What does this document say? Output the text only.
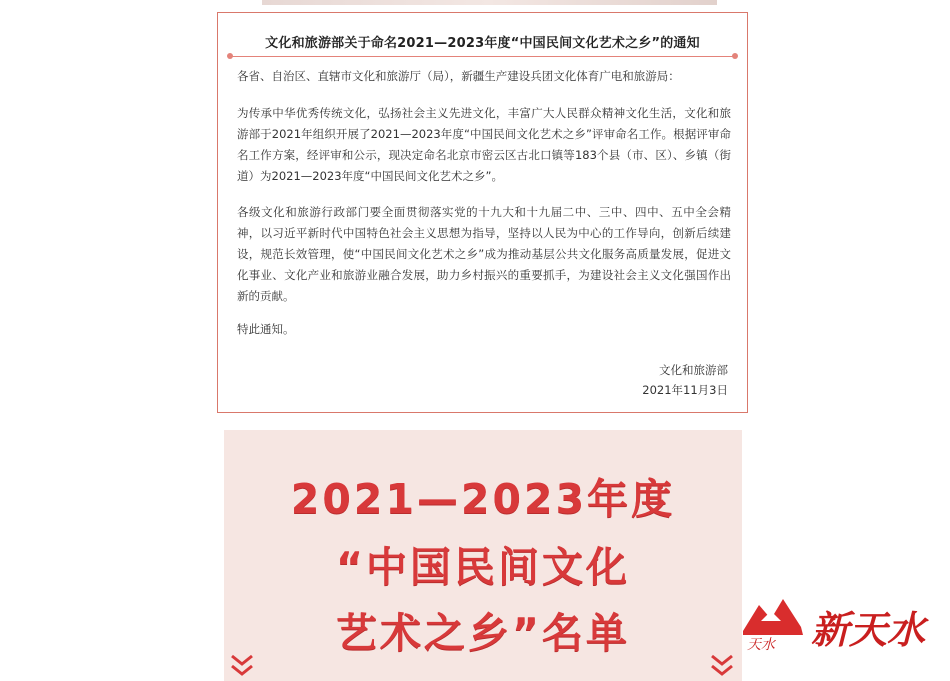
文化和旅游部关于命名2021—2023年度“中国民间文化艺术之乡”的通知

各省、自治区、直辖市文化和旅游厅（局），新疆生产建设兵团文化体育广电和旅游局：

为传承中华优秀传统文化，弘扬社会主义先进文化，丰富广大人民群众精神文化生活，文化和旅游部于2021年组织开展了2021—2023年度“中国民间文化艺术之乡”评审命名工作。根据评审命名工作方案，经评审和公示，现决定命名北京市密云区古北口镇等183个县（市、区）、乡镇（街道）为2021—2023年度“中国民间文化艺术之乡”。

各级文化和旅游行政部门要全面贯彻落实党的十九大和十九届二中、三中、四中、五中全会精神，以习近平新时代中国特色社会主义思想为指导，坚持以人民为中心的工作导向，创新后续建设，规范长效管理，使“中国民间文化艺术之乡”成为推动基层公共文化服务高质量发展，促进文化事业、文化产业和旅游业融合发展，助力乡村振兴的重要抓手，为建设社会主义文化强国作出新的贡献。

特此通知。

文化和旅游部
2021年11月3日
2021—2023年度
“中国民间文化
艺术之乡”名单	天水 新天水
